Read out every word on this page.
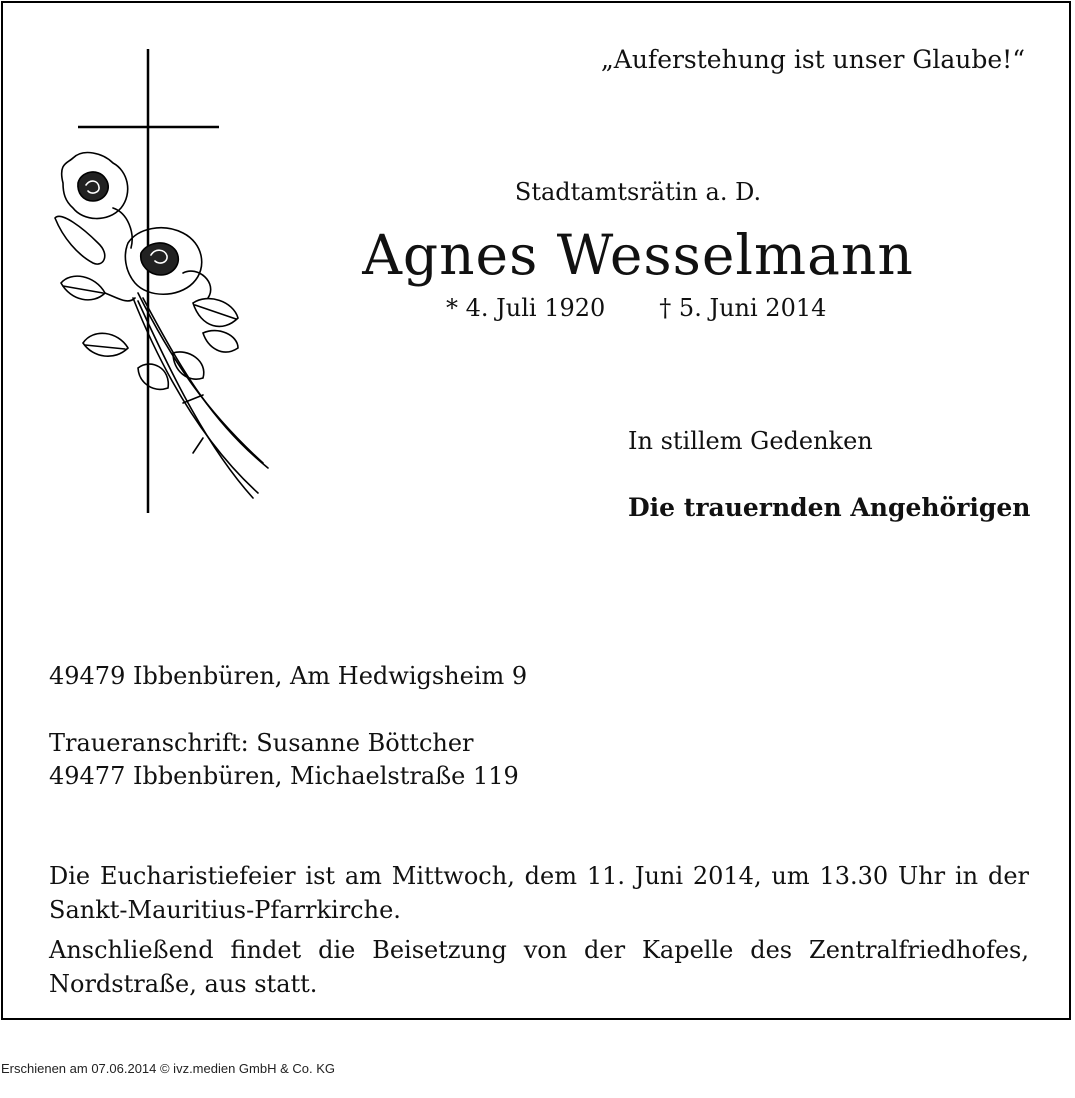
„Auferstehung ist unser Glaube!“

Stadtamtsrätin a. D.

Agnes Wesselmann

* 4. Juli 1920 † 5. Juni 2014

In stillem Gedenken

Die trauernden Angehörigen

49479 Ibbenbüren, Am Hedwigsheim 9

Traueranschrift: Susanne Böttcher
49477 Ibbenbüren, Michaelstraße 119

Die Eucharistiefeier ist am Mittwoch, dem 11. Juni 2014, um 13.30 Uhr in der Sankt-Mauritius-Pfarrkirche.

Anschließend findet die Beisetzung von der Kapelle des Zentralfriedhofes, Nordstraße, aus statt.

Erschienen am 07.06.2014 © ivz.medien GmbH & Co. KG
